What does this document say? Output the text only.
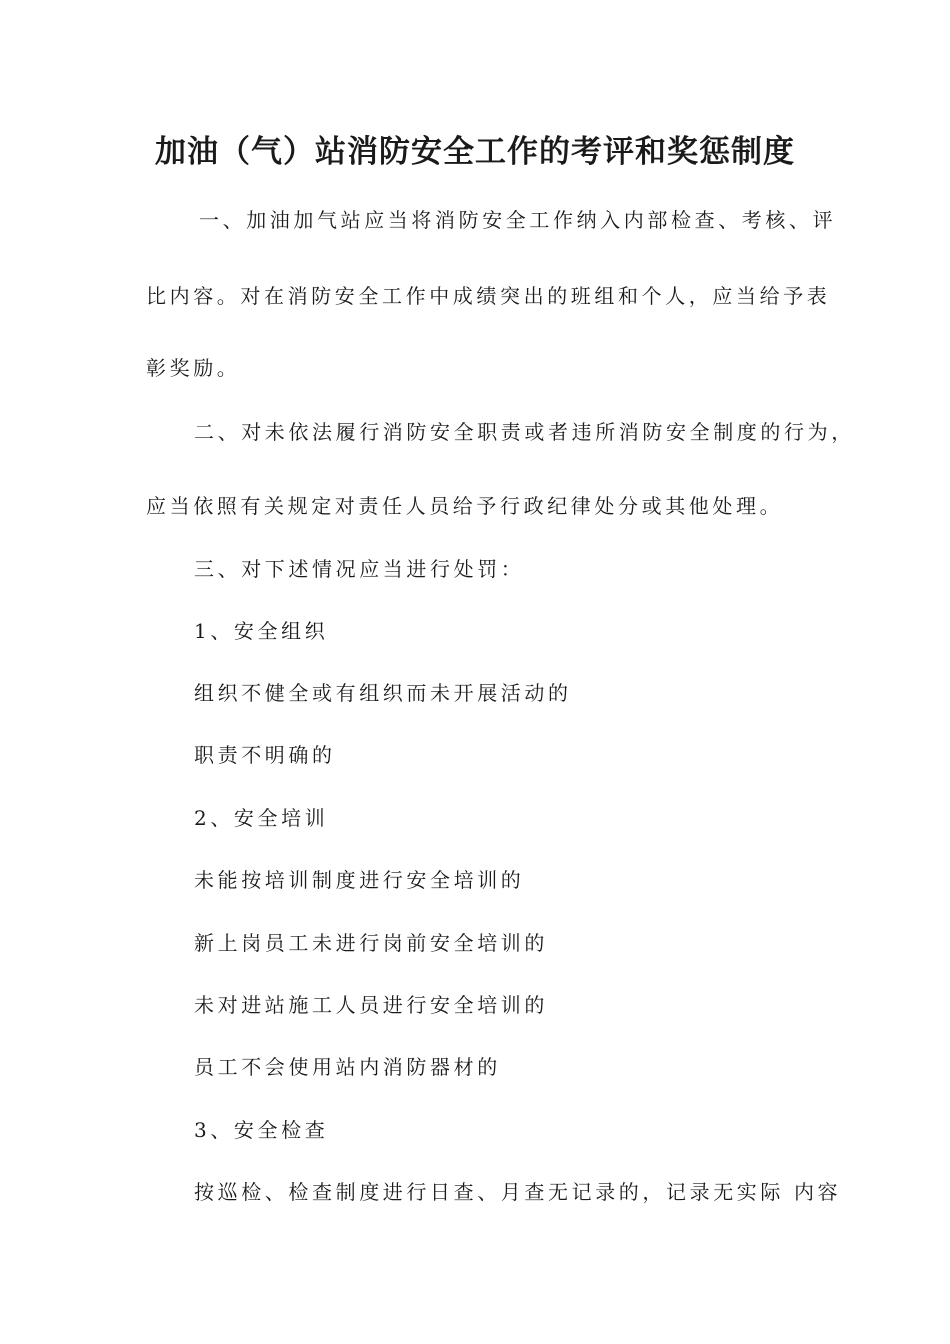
加油（气）站消防安全工作的考评和奖惩制度
一、加油加气站应当将消防安全工作纳入内部检查、考核、评
比内容。对在消防安全工作中成绩突出的班组和个人，应当给予表
彰奖励。
二、对未依法履行消防安全职责或者违所消防安全制度的行为，
应当依照有关规定对责任人员给予行政纪律处分或其他处理。
三、对下述情况应当进行处罚：
1、安全组织
组织不健全或有组织而未开展活动的
职责不明确的
2、安全培训
未能按培训制度进行安全培训的
新上岗员工未进行岗前安全培训的
未对进站施工人员进行安全培训的
员工不会使用站内消防器材的
3、安全检查
按巡检、检查制度进行日查、月查无记录的，记录无实际 内容
